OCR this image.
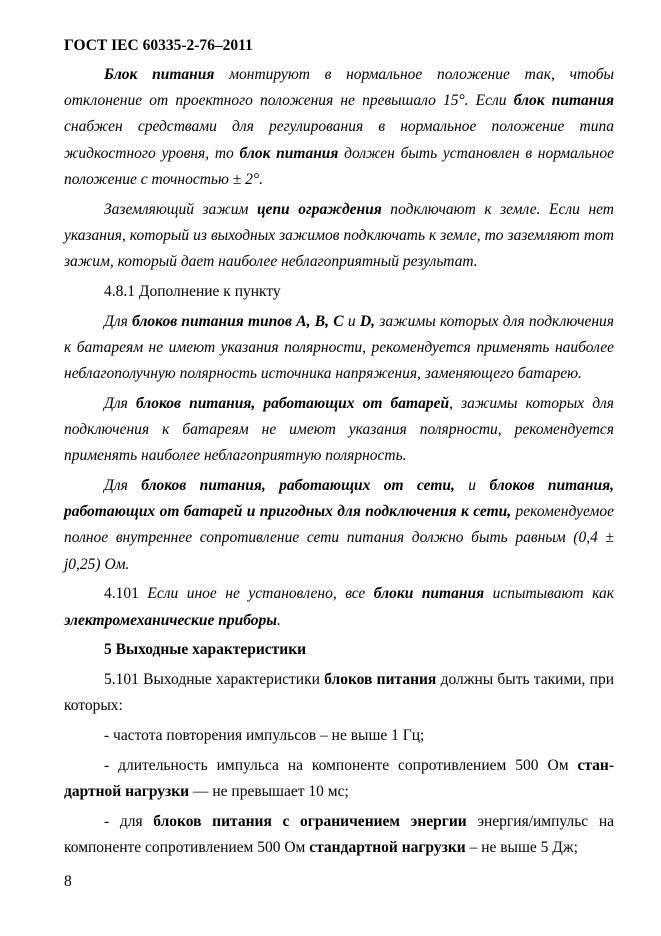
ГОСТ IEC 60335-2-76–2011

Блок питания монтируют в нормальное положение так, чтобы отклонение от проектного положения не превышало 15°. Если блок питания снабжен средствами для регулирования в нормальное положение типа жидкостного уровня, то блок питания должен быть установлен в нормальное положение с точностью ± 2°.

Заземляющий зажим цепи ограждения подключают к земле. Если нет указания, который из выходных зажимов подключать к земле, то заземляют тот зажим, который дает наиболее неблагоприятный результат.

4.8.1 Дополнение к пункту

Для блоков питания типов A, B, C и D, зажимы которых для подключения к батареям не имеют указания полярности, рекомендуется применять наиболее неблагополучную полярность источника напряжения, заменяющего батарею.

Для блоков питания, работающих от батарей, зажимы которых для подключения к батареям не имеют указания полярности, рекомендуется применять наиболее неблагоприятную полярность.

Для блоков питания, работающих от сети, и блоков питания, работающих от батарей и пригодных для подключения к сети, рекомендуемое полное внутреннее сопротивление сети питания должно быть равным (0,4 ± j0,25) Ом.

4.101 Если иное не установлено, все блоки питания испытывают как электромеханические приборы.

5 Выходные характеристики

5.101 Выходные характеристики блоков питания должны быть такими, при которых:

- частота повторения импульсов – не выше 1 Гц;

- длительность импульса на компоненте сопротивлением 500 Ом стан-дартной нагрузки — не превышает 10 мс;

- для блоков питания с ограничением энергии энергия/импульс на компоненте сопротивлением 500 Ом стандартной нагрузки – не выше 5 Дж;

8
